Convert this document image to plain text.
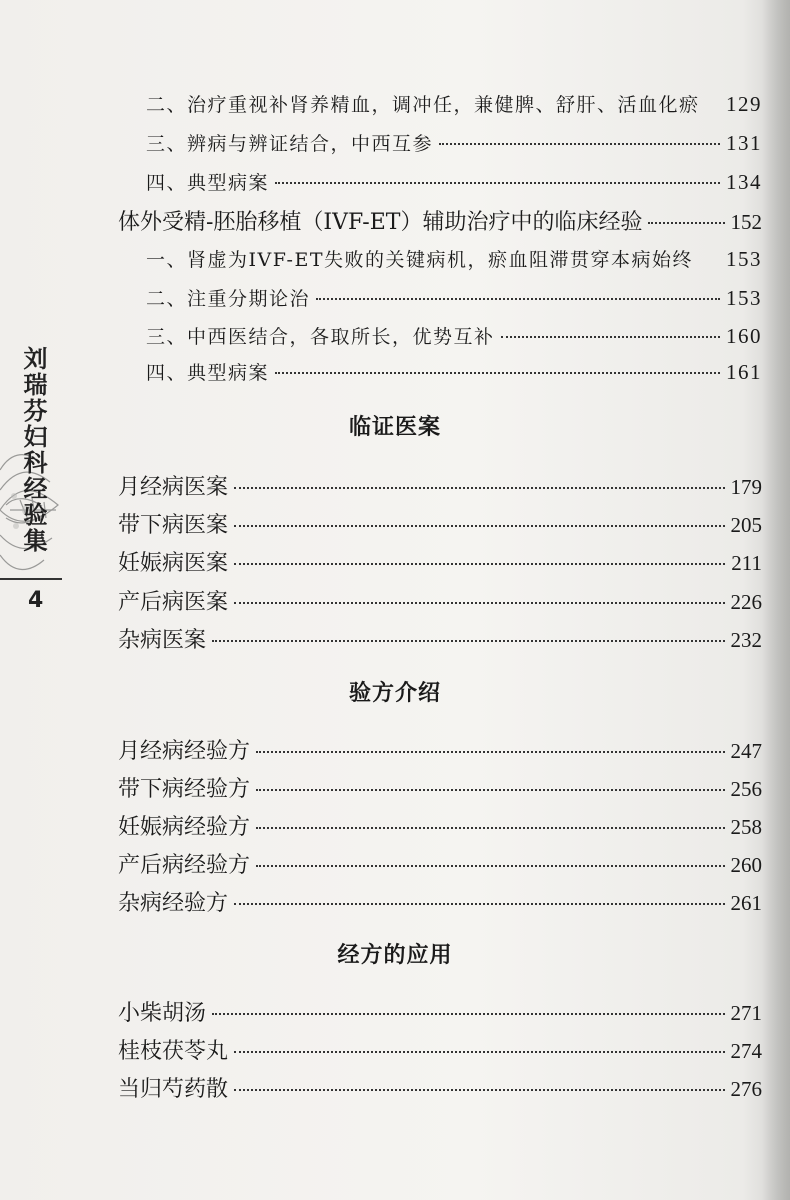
刘瑞芬妇科经验集
4
二、治疗重视补肾养精血，调冲任，兼健脾、舒肝、活血化瘀 129
三、辨病与辨证结合，中西互参	131
四、典型病案	134
体外受精-胚胎移植（IVF-ET）辅助治疗中的临床经验	152
一、肾虚为IVF-ET失败的关键病机，瘀血阻滞贯穿本病始终 153
二、注重分期论治	153
三、中西医结合，各取所长，优势互补	160
四、典型病案	161
临证医案
月经病医案	179
带下病医案	205
妊娠病医案	211
产后病医案	226
杂病医案	232
验方介绍
月经病经验方	247
带下病经验方	256
妊娠病经验方	258
产后病经验方	260
杂病经验方	261
经方的应用
小柴胡汤	271
桂枝茯苓丸	274
当归芍药散	276
